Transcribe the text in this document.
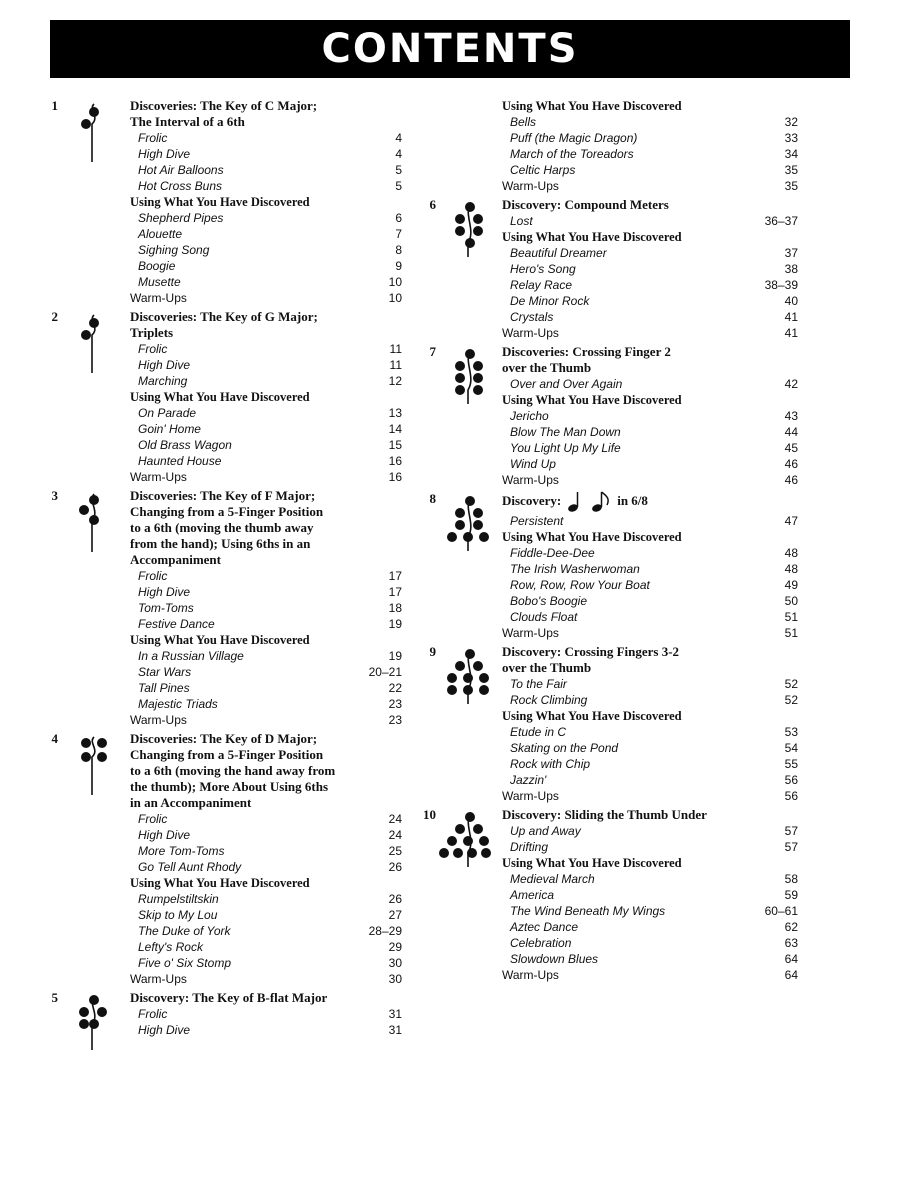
CONTENTS
1	Discoveries: The Key of C Major;
The Interval of a 6th
Frolic	4
High Dive	4
Hot Air Balloons	5
Hot Cross Buns	5
Using What You Have Discovered
Shepherd Pipes	6
Alouette	7
Sighing Song	8
Boogie	9
Musette	10
Warm-Ups	10
2	Discoveries: The Key of G Major;
Triplets
Frolic	11
High Dive	11
Marching	12
Using What You Have Discovered
On Parade	13
Goin' Home	14
Old Brass Wagon	15
Haunted House	16
Warm-Ups	16
3	Discoveries: The Key of F Major;
Changing from a 5-Finger Position
to a 6th (moving the thumb away
from the hand); Using 6ths in an
Accompaniment
Frolic	17
High Dive	17
Tom-Toms	18
Festive Dance	19
Using What You Have Discovered
In a Russian Village	19
Star Wars	20–21
Tall Pines	22
Majestic Triads	23
Warm-Ups	23
4	Discoveries: The Key of D Major;
Changing from a 5-Finger Position
to a 6th (moving the hand away from
the thumb); More About Using 6ths
in an Accompaniment
Frolic	24
High Dive	24
More Tom-Toms	25
Go Tell Aunt Rhody	26
Using What You Have Discovered
Rumpelstiltskin	26
Skip to My Lou	27
The Duke of York	28–29
Lefty's Rock	29
Five o' Six Stomp	30
Warm-Ups	30
5	Discovery: The Key of B-flat Major
Frolic	31
High Dive	31
Using What You Have Discovered
Bells	32
Puff (the Magic Dragon)	33
March of the Toreadors	34
Celtic Harps	35
Warm-Ups	35
6	Discovery: Compound Meters
Lost	36–37
Using What You Have Discovered
Beautiful Dreamer	37
Hero's Song	38
Relay Race	38–39
De Minor Rock	40
Crystals	41
Warm-Ups	41
7	Discoveries: Crossing Finger 2
over the Thumb
Over and Over Again	42
Using What You Have Discovered
Jericho	43
Blow The Man Down	44
You Light Up My Life	45
Wind Up	46
Warm-Ups	46
8	Discovery:	in 6/8
Persistent	47
Using What You Have Discovered
Fiddle-Dee-Dee	48
The Irish Washerwoman	48
Row, Row, Row Your Boat	49
Bobo's Boogie	50
Clouds Float	51
Warm-Ups	51
9	Discovery: Crossing Fingers 3-2
over the Thumb
To the Fair	52
Rock Climbing	52
Using What You Have Discovered
Etude in C	53
Skating on the Pond	54
Rock with Chip	55
Jazzin'	56
Warm-Ups	56
10	Discovery: Sliding the Thumb Under
Up and Away	57
Drifting	57
Using What You Have Discovered
Medieval March	58
America	59
The Wind Beneath My Wings	60–61
Aztec Dance	62
Celebration	63
Slowdown Blues	64
Warm-Ups	64
